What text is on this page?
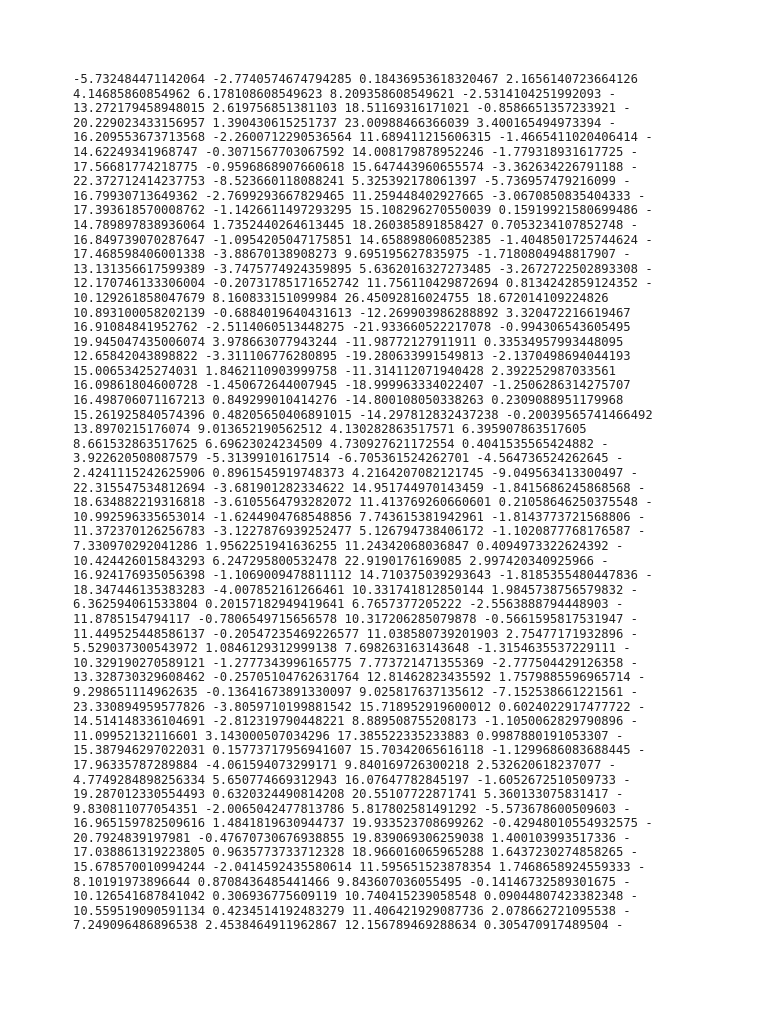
-5.732484471142064 -2.7740574674794285 0.18436953618320467 2.1656140723664126
4.14685860854962 6.178108608549623 8.209358608549621 -2.5314104251992093 -
13.272179458948015 2.619756851381103 18.51169316171021 -0.8586651357233921 -
20.229023433156957 1.390430615251737 23.00988466366039 3.400165494973394 -
16.209553673713568 -2.2600712290536564 11.689411215606315 -1.4665411020406414 -
14.62249341968747 -0.3071567703067592 14.008179878952246 -1.779318931617725 -
17.56681774218775 -0.9596868907660618 15.647443960655574 -3.362634226791188 -
22.372712414237753 -8.523660118088241 5.325392178061397 -5.736957479216099 -
16.79930713649362 -2.7699293667829465 11.259448402927665 -3.0670850835404333 -
17.393618570008762 -1.1426611497293295 15.108296270550039 0.15919921580699486 -
14.789897838936064 1.7352440264613445 18.260385891858427 0.7053234107852748 -
16.849739070287647 -1.0954205047175851 14.658898060852385 -1.4048501725744624 -
17.468598406001338 -3.88670138908273 9.695195627835975 -1.7180804948817907 -
13.131356617599389 -3.7475774924359895 5.6362016327273485 -3.2672722502893308 -
12.170746133306004 -0.20731785171652742 11.756110429872694 0.8134242859124352 -
10.129261858047679 8.160833151099984 26.45092816024755 18.672014109224826
10.893100058202139 -0.6884019640431613 -12.269903986288892 3.320472216619467
16.91084841952762 -2.5114060513448275 -21.933660522217078 -0.994306543605495
19.945047435006074 3.978663077943244 -11.98772127911911 0.33534957993448095
12.65842043898822 -3.311106776280895 -19.280633991549813 -2.1370498694044193
15.00653425274031 1.8462110903999758 -11.314112071940428 2.392252987033561
16.09861804600728 -1.450672644007945 -18.999963334022407 -1.2506286314275707
16.498706071167213 0.849299010414276 -14.800108050338263 0.2309088951179968
15.261925840574396 0.48205650406891015 -14.297812832437238 -0.20039565741466492
13.8970215176074 9.013652190562512 4.130282863517571 6.395907863517605
8.661532863517625 6.69623024234509 4.730927621172554 0.4041535565424882 -
3.922620508087579 -5.31399101617514 -6.705361524262701 -4.564736524262645 -
2.4241115242625906 0.8961545919748373 4.2164207082121745 -9.049563413300497 -
22.315547534812694 -3.681901282334622 14.951744970143459 -1.8415686245868568 -
18.634882219316818 -3.6105564793282072 11.413769260660601 0.21058646250375548 -
10.992596335653014 -1.6244904768548856 7.743615381942961 -1.8143773721568806 -
11.372370126256783 -3.1227876939252477 5.126794738406172 -1.1020877768176587 -
7.330970292041286 1.9562251941636255 11.24342068036847 0.4094973322624392 -
10.424426015843293 6.247295800532478 22.9190176169085 2.997420340925966 -
16.924176935056398 -1.1069009478811112 14.710375039293643 -1.8185355480447836 -
18.347446135383283 -4.007852161266461 10.331741812850144 1.9845738756579832 -
6.362594061533804 0.20157182949419641 6.7657377205222 -2.5563888794448903 -
11.8785154794117 -0.7806549715656578 10.317206285079878 -0.5661595817531947 -
11.449525448586137 -0.20547235469226577 11.038580739201903 2.75477171932896 -
5.529037300543972 1.0846129312999138 7.698263163143648 -1.3154635537229111 -
10.329190270589121 -1.2777343996165775 7.773721471355369 -2.777504429126358 -
13.328730329608462 -0.25705104762631764 12.81462823435592 1.7579885596965714 -
9.298651114962635 -0.13641673891330097 9.025817637135612 -7.152538661221561 -
23.330894959577826 -3.8059710199881542 15.718952919600012 0.6024022917477722 -
14.514148336104691 -2.812319790448221 8.889508755208173 -1.1050062829790896 -
11.09952132116601 3.143000507034296 17.385522335233883 0.9987880191053307 -
15.387946297022031 0.15773717956941607 15.70342065616118 -1.1299686083688445 -
17.96335787289884 -4.061594073299171 9.840169726300218 2.532620618237077 -
4.7749284898256334 5.650774669312943 16.07647782845197 -1.6052672510509733 -
19.287012330554493 0.6320324490814208 20.55107722871741 5.360133075831417 -
9.830811077054351 -2.0065042477813786 5.817802581491292 -5.573678600509603 -
16.965159782509616 1.4841819630944737 19.933523708699262 -0.42948010554932575 -
20.7924839197981 -0.47670730676938855 19.839069306259038 1.400103993517336 -
17.038861319223805 0.9635773733712328 18.966016065965288 1.6437230274858265 -
15.678570010994244 -2.0414592435580614 11.595651523878354 1.7468658924559333 -
8.10191973896644 0.8708436485441466 9.843607036055495 -0.14146732589301675 -
10.126541687841042 0.306936775609119 10.740415239058548 0.09044807423382348 -
10.559519090591134 0.4234514192483279 11.406421929087736 2.078662721095538 -
7.249096486896538 2.4538464911962867 12.156789469288634 0.305470917489504 -
